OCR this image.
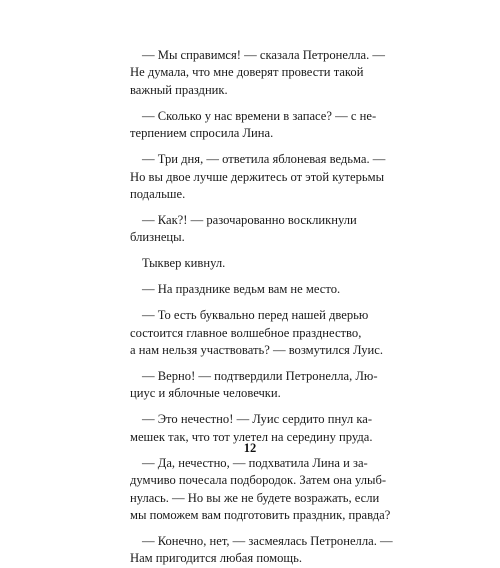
— Мы справимся! — сказала Петронелла. —
Не думала, что мне доверят провести такой
важный праздник.

— Сколько у нас времени в запасе? — с не-
терпением спросила Лина.

— Три дня, — ответила яблоневая ведьма. —
Но вы двое лучше держитесь от этой кутерьмы
подальше.

— Как?! — разочарованно воскликнули
близнецы.

Тыквер кивнул.

— На празднике ведьм вам не место.

— То есть буквально перед нашей дверью
состоится главное волшебное празднество,
а нам нельзя участвовать? — возмутился Луис.

— Верно! — подтвердили Петронелла, Лю-
циус и яблочные человечки.

— Это нечестно! — Луис сердито пнул ка-
мешек так, что тот улетел на середину пруда.

— Да, нечестно, — подхватила Лина и за-
думчиво почесала подбородок. Затем она улыб-
нулась. — Но вы же не будете возражать, если
мы поможем вам подготовить праздник, правда?

— Конечно, нет, — засмеялась Петронелла. —
Нам пригодится любая помощь.

12
